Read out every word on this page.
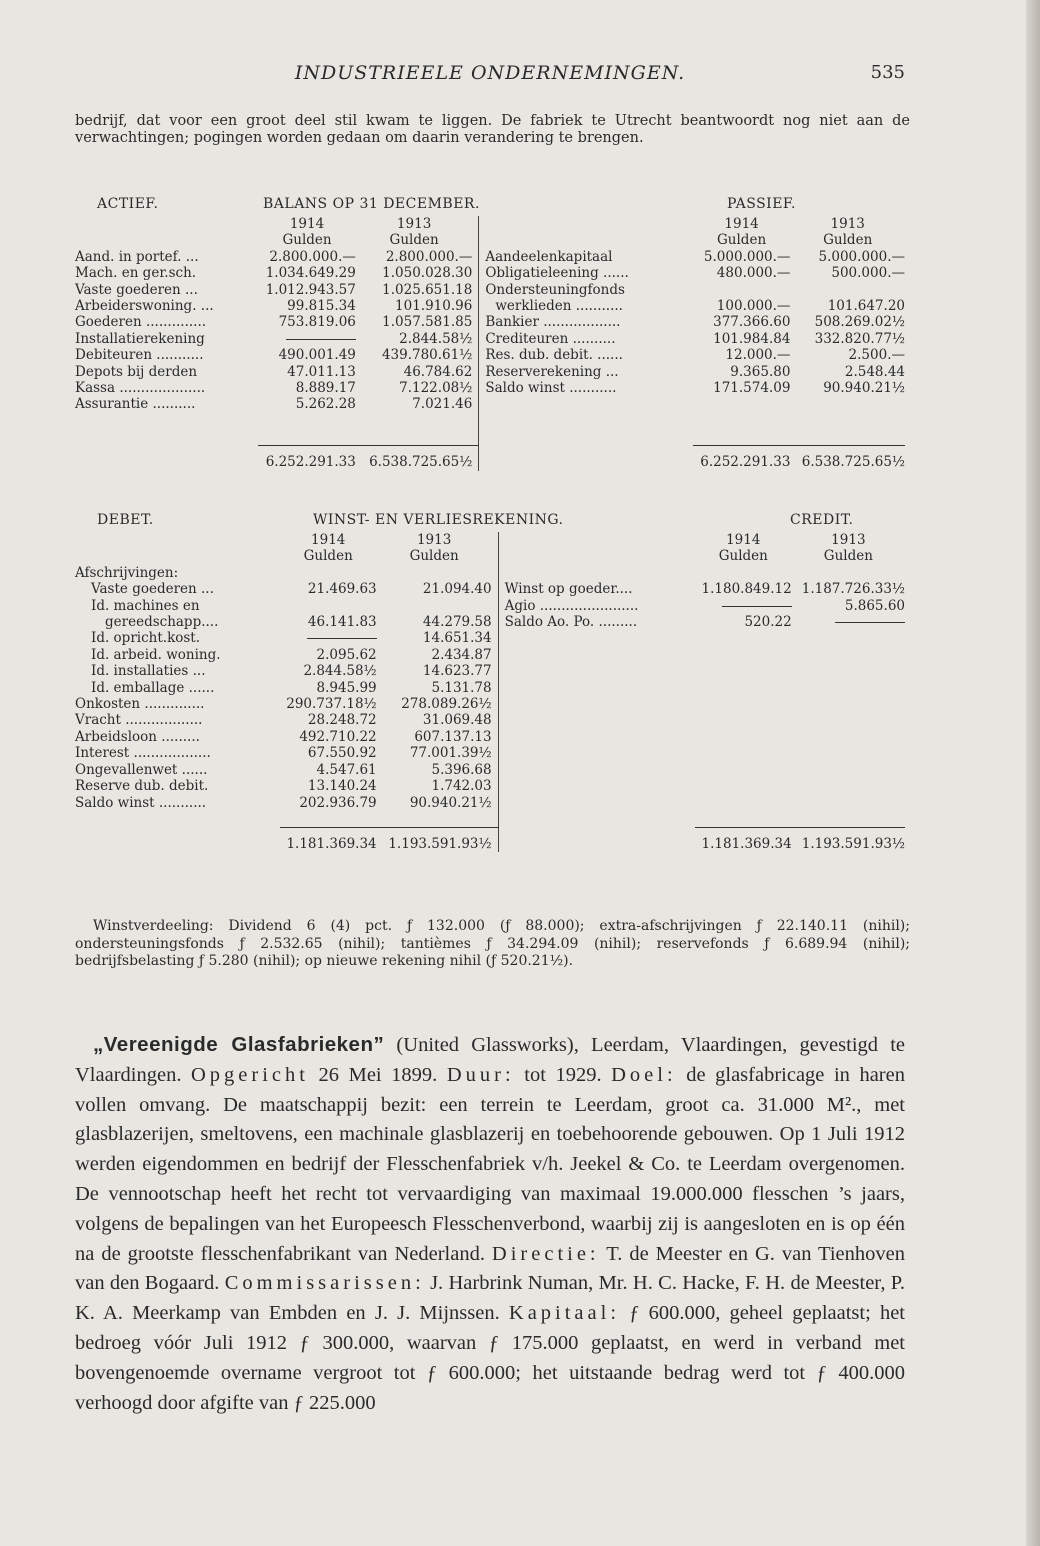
INDUSTRIEELE ONDERNEMINGEN.	535
bedrijf, dat voor een groot deel stil kwam te liggen. De fabriek te Utrecht beantwoordt nog niet aan de verwachtingen; pogingen worden gedaan om daarin verandering te brengen.
ACTIEF.	BALANS OP 31 DECEMBER.	PASSIEF.
	1914	1913		1914	1913
	Gulden	Gulden		Gulden	Gulden
Aand. in portef. ...	2.800.000.—	2.800.000.—	Aandeelenkapitaal	5.000.000.—	5.000.000.—
Mach. en ger.sch.	1.034.649.29	1.050.028.30	Obligatieleening ......	480.000.—	500.000.—
Vaste goederen ...	1.012.943.57	1.025.651.18	Ondersteuningfonds		
Arbeiderswoning. ...	99.815.34	101.910.96	werklieden ...........	100.000.—	101.647.20
Goederen ..............	753.819.06	1.057.581.85	Bankier ..................	377.366.60	508.269.02½
Installatierekening		2.844.58½	Crediteuren ..........	101.984.84	332.820.77½
Debiteuren ...........	490.001.49	439.780.61½	Res. dub. debit. ......	12.000.—	2.500.—
Depots bij derden	47.011.13	46.784.62	Reserverekening ...	9.365.80	2.548.44
Kassa ....................	8.889.17	7.122.08½	Saldo winst ...........	171.574.09	90.940.21½
Assurantie ..........	5.262.28	7.021.46			

	6.252.291.33	6.538.725.65½		6.252.291.33	6.538.725.65½
DEBET.	WINST- EN VERLIESREKENING.	CREDIT.
	1914	1913		1914	1913
	Gulden	Gulden		Gulden	Gulden
Afschrijvingen:					
Vaste goederen ...	21.469.63	21.094.40	Winst op goeder....	1.180.849.12	1.187.726.33½
Id. machines en			Agio .......................		5.865.60
gereedschapp....	46.141.83	44.279.58	Saldo Ao. Po. .........	520.22	
Id. opricht.kost.		14.651.34			
Id. arbeid. woning.	2.095.62	2.434.87			
Id. installaties ...	2.844.58½	14.623.77			
Id. emballage ......	8.945.99	5.131.78			
Onkosten ..............	290.737.18½	278.089.26½			
Vracht ..................	28.248.72	31.069.48			
Arbeidsloon .........	492.710.22	607.137.13			
Interest ..................	67.550.92	77.001.39½			
Ongevallenwet ......	4.547.61	5.396.68			
Reserve dub. debit.	13.140.24	1.742.03			
Saldo winst ...........	202.936.79	90.940.21½			

	1.181.369.34	1.193.591.93½		1.181.369.34	1.193.591.93½
Winstverdeeling: Dividend 6 (4) pct. ƒ 132.000 (ƒ 88.000); extra-afschrijvingen ƒ 22.140.11 (nihil); ondersteuningsfonds ƒ 2.532.65 (nihil); tantièmes ƒ 34.294.09 (nihil); reservefonds ƒ 6.689.94 (nihil); bedrijfsbelasting ƒ 5.280 (nihil); op nieuwe rekening nihil (ƒ 520.21½).
„Vereenigde Glasfabrieken” (United Glassworks), Leerdam, Vlaardingen, gevestigd te Vlaardingen. Opgericht 26 Mei 1899. Duur: tot 1929. Doel: de glasfabricage in haren vollen omvang. De maatschappij bezit: een terrein te Leerdam, groot ca. 31.000 M²., met glasblazerijen, smeltovens, een machinale glasblazerij en toebehoorende gebouwen. Op 1 Juli 1912 werden eigendommen en bedrijf der Flesschenfabriek v/h. Jeekel & Co. te Leerdam overgenomen. De vennootschap heeft het recht tot vervaardiging van maximaal 19.000.000 flesschen ’s jaars, volgens de bepalingen van het Europeesch Flesschenverbond, waarbij zij is aangesloten en is op één na de grootste flesschenfabrikant van Nederland. Directie: T. de Meester en G. van Tienhoven van den Bogaard. Commissarissen: J. Harbrink Numan, Mr. H. C. Hacke, F. H. de Meester, P. K. A. Meerkamp van Embden en J. J. Mijnssen. Kapitaal: ƒ 600.000, geheel geplaatst; het bedroeg vóór Juli 1912 ƒ 300.000, waarvan ƒ 175.000 geplaatst, en werd in verband met bovengenoemde overname vergroot tot ƒ 600.000; het uitstaande bedrag werd tot ƒ 400.000 verhoogd door afgifte van ƒ 225.000
